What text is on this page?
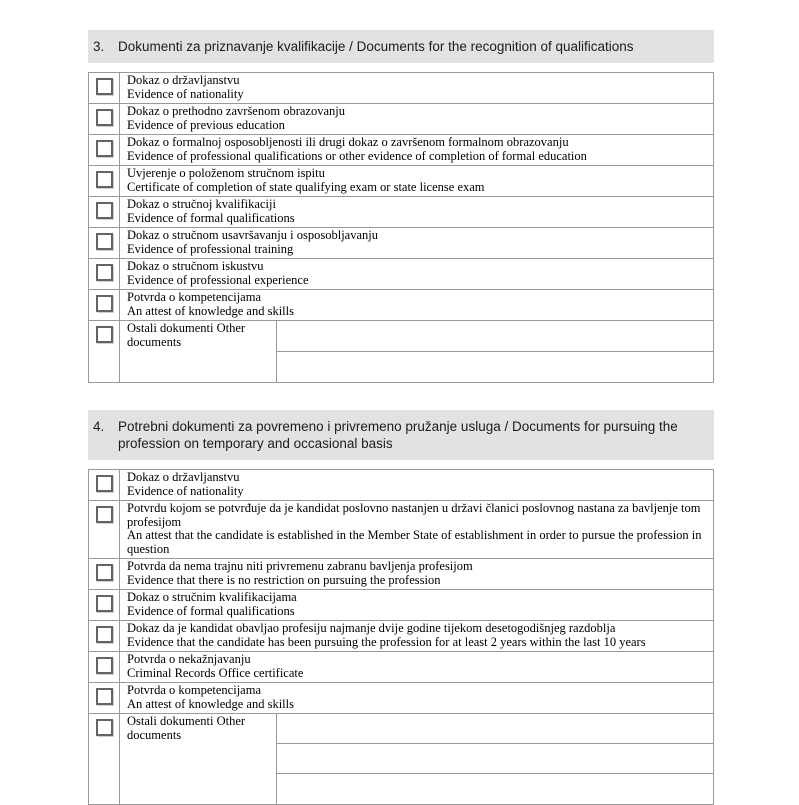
3.	Dokumenti za priznavanje kvalifikacije / Documents for the recognition of qualifications
Dokaz o državljanstvu
Evidence of nationality
Dokaz o prethodno završenom obrazovanju
Evidence of previous education
Dokaz o formalnoj osposobljenosti ili drugi dokaz o završenom formalnom obrazovanju
Evidence of professional qualifications or other evidence of completion of formal education
Uvjerenje o položenom stručnom ispitu
Certificate of completion of state qualifying exam or state license exam
Dokaz o stručnoj kvalifikaciji
Evidence of formal qualifications
Dokaz o stručnom usavršavanju i osposobljavanju
Evidence of professional training
Dokaz o stručnom iskustvu
Evidence of professional experience
Potvrda o kompetencijama
An attest of knowledge and skills
Ostali dokumenti Other documents
4.	Potrebni dokumenti za povremeno i privremeno pružanje usluga / Documents for pursuing the profession on temporary and occasional basis
Dokaz o državljanstvu
Evidence of nationality
Potvrdu kojom se potvrđuje da je kandidat poslovno nastanjen u državi članici poslovnog nastana za bavljenje tom profesijom
An attest that the candidate is established in the Member State of establishment in order to pursue the profession in question
Potvrda da nema trajnu niti privremenu zabranu bavljenja profesijom
Evidence that there is no restriction on pursuing the profession
Dokaz o stručnim kvalifikacijama
Evidence of formal qualifications
Dokaz da je kandidat obavljao profesiju najmanje dvije godine tijekom desetogodišnjeg razdoblja
Evidence that the candidate has been pursuing the profession for at least 2 years within the last 10 years
Potvrda o nekažnjavanju
Criminal Records Office certificate
Potvrda o kompetencijama
An attest of knowledge and skills
Ostali dokumenti Other documents
